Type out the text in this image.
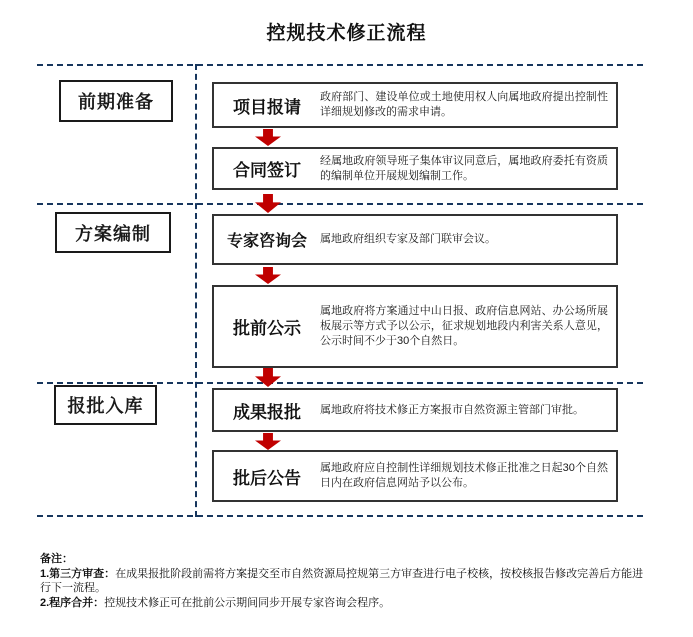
控规技术修正流程
前期准备
方案编制
报批入库
项目报请
政府部门、建设单位或土地使用权人向属地政府提出控制性详细规划修改的需求申请。
合同签订
经属地政府领导班子集体审议同意后，属地政府委托有资质的编制单位开展规划编制工作。
专家咨询会	属地政府组织专家及部门联审会议。
批前公示
属地政府将方案通过中山日报、政府信息网站、办公场所展板展示等方式予以公示，征求规划地段内利害关系人意见，公示时间不少于30个自然日。
成果报批	属地政府将技术修正方案报市自然资源主管部门审批。
批后公告
属地政府应自控制性详细规划技术修正批准之日起30个自然日内在政府信息网站予以公布。
备注：
1.第三方审查：在成果报批阶段前需将方案提交至市自然资源局控规第三方审查进行电子校核，按校核报告修改完善后方能进行下一流程。
2.程序合并：控规技术修正可在批前公示期间同步开展专家咨询会程序。
